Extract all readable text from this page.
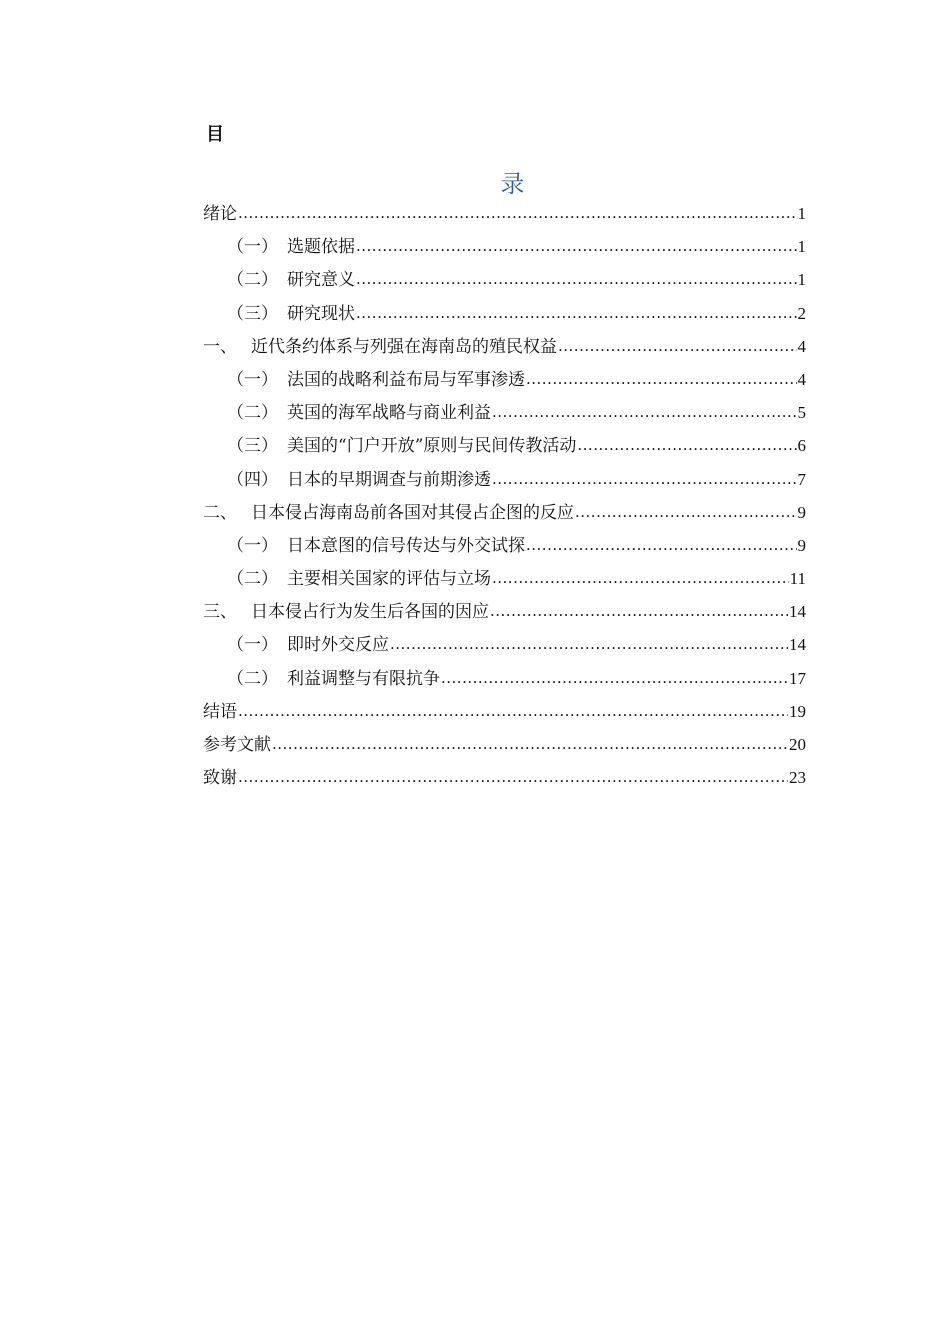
目
录
绪论 .....	1
（一） 选题依据 .....	1
（二） 研究意义 .....	1
（三） 研究现状 .....	2
一、 近代条约体系与列强在海南岛的殖民权益 .....	4
（一） 法国的战略利益布局与军事渗透 .....	4
（二） 英国的海军战略与商业利益 .....	5
（三） 美国的“门户开放”原则与民间传教活动 .....	6
（四） 日本的早期调查与前期渗透 .....	7
二、 日本侵占海南岛前各国对其侵占企图的反应 .....	9
（一） 日本意图的信号传达与外交试探 .....	9
（二） 主要相关国家的评估与立场 .....	11
三、 日本侵占行为发生后各国的因应 .....	14
（一） 即时外交反应 .....	14
（二） 利益调整与有限抗争 .....	17
结语 .....	19
参考文献 .....	20
致谢 .....	23
